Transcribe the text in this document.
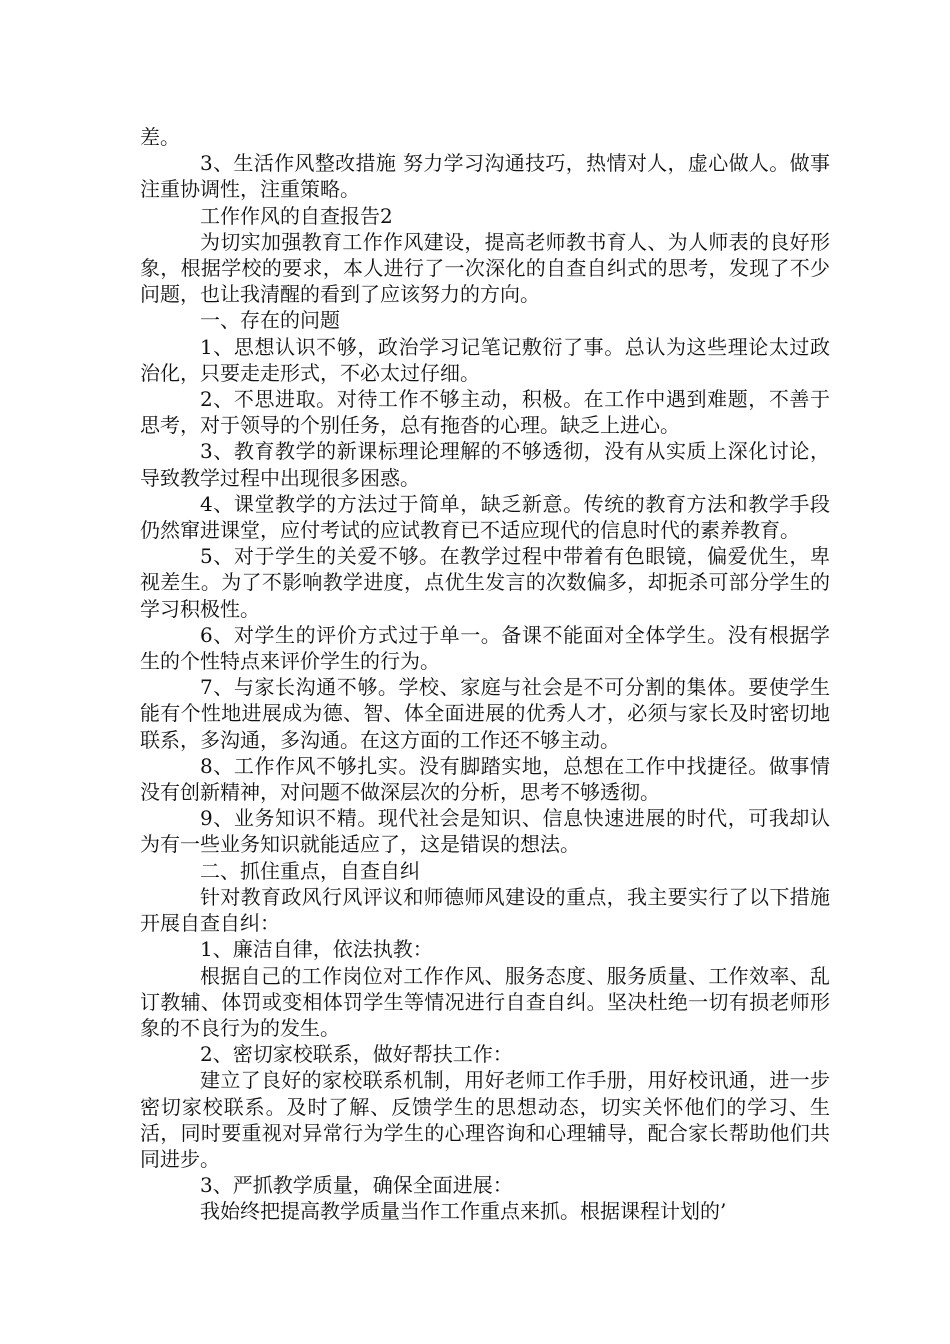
差。

3、生活作风整改措施 努力学习沟通技巧，热情对人，虚心做人。做事注重协调性，注重策略。

工作作风的自查报告2

为切实加强教育工作作风建设，提高老师教书育人、为人师表的良好形象，根据学校的要求，本人进行了一次深化的自查自纠式的思考，发现了不少问题，也让我清醒的看到了应该努力的方向。

一、存在的问题

1、思想认识不够，政治学习记笔记敷衍了事。总认为这些理论太过政治化，只要走走形式，不必太过仔细。

2、不思进取。对待工作不够主动，积极。在工作中遇到难题，不善于思考，对于领导的个别任务，总有拖沓的心理。缺乏上进心。

3、教育教学的新课标理论理解的不够透彻，没有从实质上深化讨论，导致教学过程中出现很多困惑。

4、课堂教学的方法过于简单，缺乏新意。传统的教育方法和教学手段仍然窜进课堂，应付考试的应试教育已不适应现代的信息时代的素养教育。

5、对于学生的关爱不够。在教学过程中带着有色眼镜，偏爱优生，卑视差生。为了不影响教学进度，点优生发言的次数偏多，却扼杀可部分学生的学习积极性。

6、对学生的评价方式过于单一。备课不能面对全体学生。没有根据学生的个性特点来评价学生的行为。

7、与家长沟通不够。学校、家庭与社会是不可分割的集体。要使学生能有个性地进展成为德、智、体全面进展的优秀人才，必须与家长及时密切地联系，多沟通，多沟通。在这方面的工作还不够主动。

8、工作作风不够扎实。没有脚踏实地，总想在工作中找捷径。做事情没有创新精神，对问题不做深层次的分析，思考不够透彻。

9、业务知识不精。现代社会是知识、信息快速进展的时代，可我却认为有一些业务知识就能适应了，这是错误的想法。

二、抓住重点，自查自纠

针对教育政风行风评议和师德师风建设的重点，我主要实行了以下措施开展自查自纠：

1、廉洁自律，依法执教：

根据自己的工作岗位对工作作风、服务态度、服务质量、工作效率、乱订教辅、体罚或变相体罚学生等情况进行自查自纠。坚决杜绝一切有损老师形象的不良行为的发生。

2、密切家校联系，做好帮扶工作：

建立了良好的家校联系机制，用好老师工作手册，用好校讯通，进一步密切家校联系。及时了解、反馈学生的思想动态，切实关怀他们的学习、生活，同时要重视对异常行为学生的心理咨询和心理辅导，配合家长帮助他们共同进步。

3、严抓教学质量，确保全面进展：

我始终把提高教学质量当作工作重点来抓。根据课程计划的’
